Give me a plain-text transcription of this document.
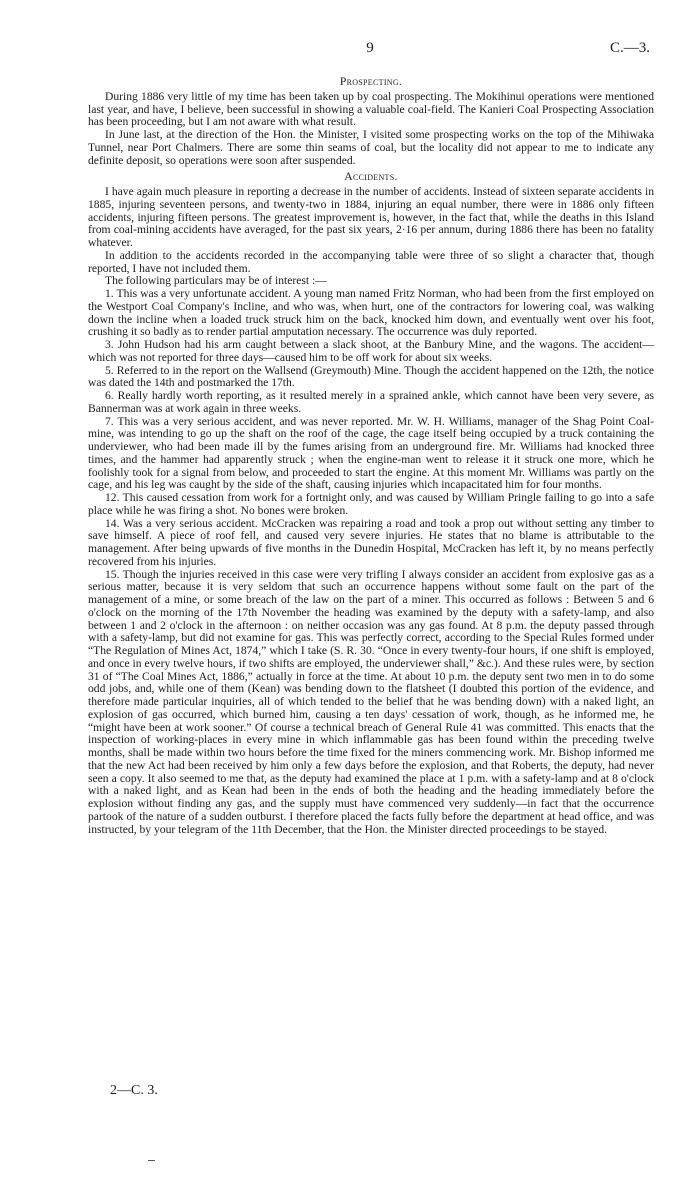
9	C.—3.
Prospecting.

During 1886 very little of my time has been taken up by coal prospecting. The Mokihinui operations were mentioned last year, and have, I believe, been successful in showing a valuable coal-field. The Kanieri Coal Prospecting Association has been proceeding, but I am not aware with what result.

In June last, at the direction of the Hon. the Minister, I visited some prospecting works on the top of the Mihiwaka Tunnel, near Port Chalmers. There are some thin seams of coal, but the locality did not appear to me to indicate any definite deposit, so operations were soon after suspended.

Accidents.

I have again much pleasure in reporting a decrease in the number of accidents. Instead of sixteen separate accidents in 1885, injuring seventeen persons, and twenty-two in 1884, injuring an equal number, there were in 1886 only fifteen accidents, injuring fifteen persons. The greatest improvement is, however, in the fact that, while the deaths in this Island from coal-mining accidents have averaged, for the past six years, 2·16 per annum, during 1886 there has been no fatality whatever.

In addition to the accidents recorded in the accompanying table were three of so slight a character that, though reported, I have not included them.

The following particulars may be of interest :—

1. This was a very unfortunate accident. A young man named Fritz Norman, who had been from the first employed on the Westport Coal Company's Incline, and who was, when hurt, one of the contractors for lowering coal, was walking down the incline when a loaded truck struck him on the back, knocked him down, and eventually went over his foot, crushing it so badly as to render partial amputation necessary. The occurrence was duly reported.

3. John Hudson had his arm caught between a slack shoot, at the Banbury Mine, and the wagons. The accident—which was not reported for three days—caused him to be off work for about six weeks.

5. Referred to in the report on the Wallsend (Greymouth) Mine. Though the accident happened on the 12th, the notice was dated the 14th and postmarked the 17th.

6. Really hardly worth reporting, as it resulted merely in a sprained ankle, which cannot have been very severe, as Bannerman was at work again in three weeks.

7. This was a very serious accident, and was never reported. Mr. W. H. Williams, manager of the Shag Point Coal-mine, was intending to go up the shaft on the roof of the cage, the cage itself being occupied by a truck containing the underviewer, who had been made ill by the fumes arising from an underground fire. Mr. Williams had knocked three times, and the hammer had apparently struck ; when the engine-man went to release it it struck one more, which he foolishly took for a signal from below, and proceeded to start the engine. At this moment Mr. Williams was partly on the cage, and his leg was caught by the side of the shaft, causing injuries which incapacitated him for four months.

12. This caused cessation from work for a fortnight only, and was caused by William Pringle failing to go into a safe place while he was firing a shot. No bones were broken.

14. Was a very serious accident. McCracken was repairing a road and took a prop out without setting any timber to save himself. A piece of roof fell, and caused very severe injuries. He states that no blame is attributable to the management. After being upwards of five months in the Dunedin Hospital, McCracken has left it, by no means perfectly recovered from his injuries.

15. Though the injuries received in this case were very trifling I always consider an accident from explosive gas as a serious matter, because it is very seldom that such an occurrence happens without some fault on the part of the management of a mine, or some breach of the law on the part of a miner. This occurred as follows : Between 5 and 6 o'clock on the morning of the 17th November the heading was examined by the deputy with a safety-lamp, and also between 1 and 2 o'clock in the afternoon : on neither occasion was any gas found. At 8 p.m. the deputy passed through with a safety-lamp, but did not examine for gas. This was perfectly correct, according to the Special Rules formed under “The Regulation of Mines Act, 1874,” which I take (S. R. 30. “Once in every twenty-four hours, if one shift is employed, and once in every twelve hours, if two shifts are employed, the underviewer shall,” &c.). And these rules were, by section 31 of “The Coal Mines Act, 1886,” actually in force at the time. At about 10 p.m. the deputy sent two men in to do some odd jobs, and, while one of them (Kean) was bending down to the flatsheet (I doubted this portion of the evidence, and therefore made particular inquiries, all of which tended to the belief that he was bending down) with a naked light, an explosion of gas occurred, which burned him, causing a ten days' cessation of work, though, as he informed me, he “might have been at work sooner.” Of course a technical breach of General Rule 41 was committed. This enacts that the inspection of working-places in every mine in which inflammable gas has been found within the preceding twelve months, shall be made within two hours before the time fixed for the miners commencing work. Mr. Bishop informed me that the new Act had been received by him only a few days before the explosion, and that Roberts, the deputy, had never seen a copy. It also seemed to me that, as the deputy had examined the place at 1 p.m. with a safety-lamp and at 8 o'clock with a naked light, and as Kean had been in the ends of both the heading and the heading immediately before the explosion without finding any gas, and the supply must have commenced very suddenly—in fact that the occurrence partook of the nature of a sudden outburst. I therefore placed the facts fully before the department at head office, and was instructed, by your telegram of the 11th December, that the Hon. the Minister directed proceedings to be stayed.

2—C. 3.
